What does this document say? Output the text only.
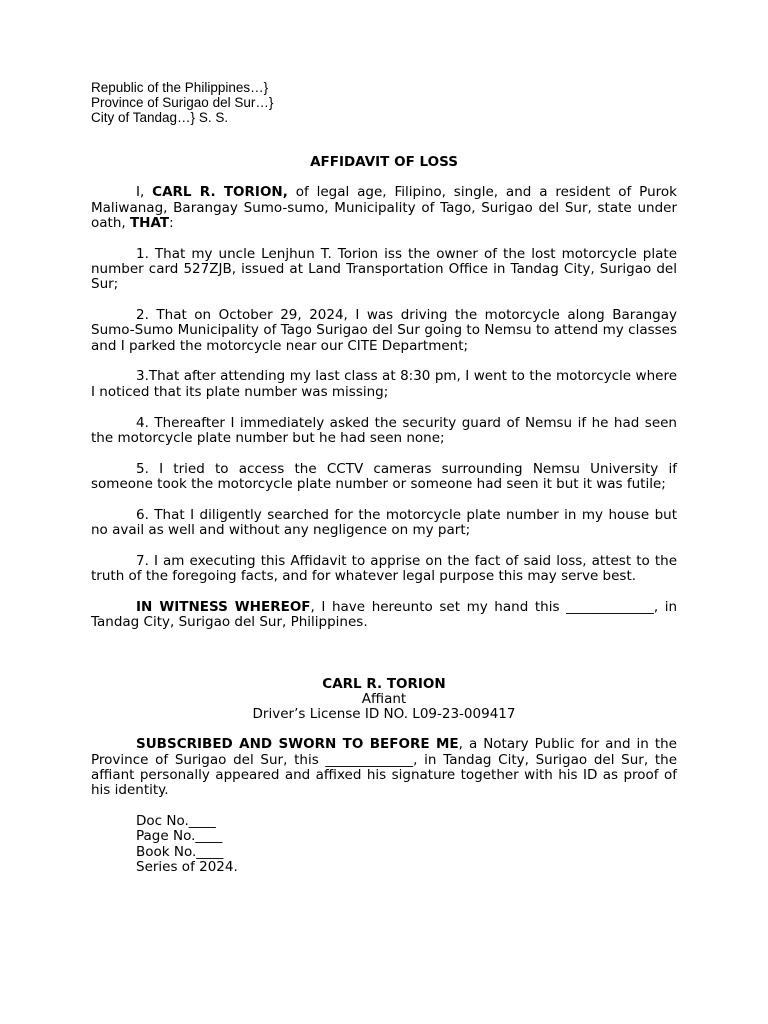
Republic of the Philippines…}
Province of Surigao del Sur…}
City of Tandag…} S. S.
AFFIDAVIT OF LOSS

I, CARL R. TORION, of legal age, Filipino, single, and a resident of Purok Maliwanag, Barangay Sumo-sumo, Municipality of Tago, Surigao del Sur, state under oath, THAT:

1. That my uncle Lenjhun T. Torion iss the owner of the lost motorcycle plate number card 527ZJB, issued at Land Transportation Office in Tandag City, Surigao del Sur;

2. That on October 29, 2024, I was driving the motorcycle along Barangay Sumo-Sumo Municipality of Tago Surigao del Sur going to Nemsu to attend my classes and I parked the motorcycle near our CITE Department;

3.That after attending my last class at 8:30 pm, I went to the motorcycle where I noticed that its plate number was missing;

4. Thereafter I immediately asked the security guard of Nemsu if he had seen the motorcycle plate number but he had seen none;

5. I tried to access the CCTV cameras surrounding Nemsu University if someone took the motorcycle plate number or someone had seen it but it was futile;

6. That I diligently searched for the motorcycle plate number in my house but no avail as well and without any negligence on my part;

7. I am executing this Affidavit to apprise on the fact of said loss, attest to the truth of the foregoing facts, and for whatever legal purpose this may serve best.

IN WITNESS WHEREOF, I have hereunto set my hand this _____________, in Tandag City, Surigao del Sur, Philippines.

CARL R. TORION
Affiant
Driver’s License ID NO. L09-23-009417

SUBSCRIBED AND SWORN TO BEFORE ME, a Notary Public for and in the Province of Surigao del Sur, this _____________, in Tandag City, Surigao del Sur, the affiant personally appeared and affixed his signature together with his ID as proof of his identity.

Doc No.____
Page No.____
Book No.____
Series of 2024.
